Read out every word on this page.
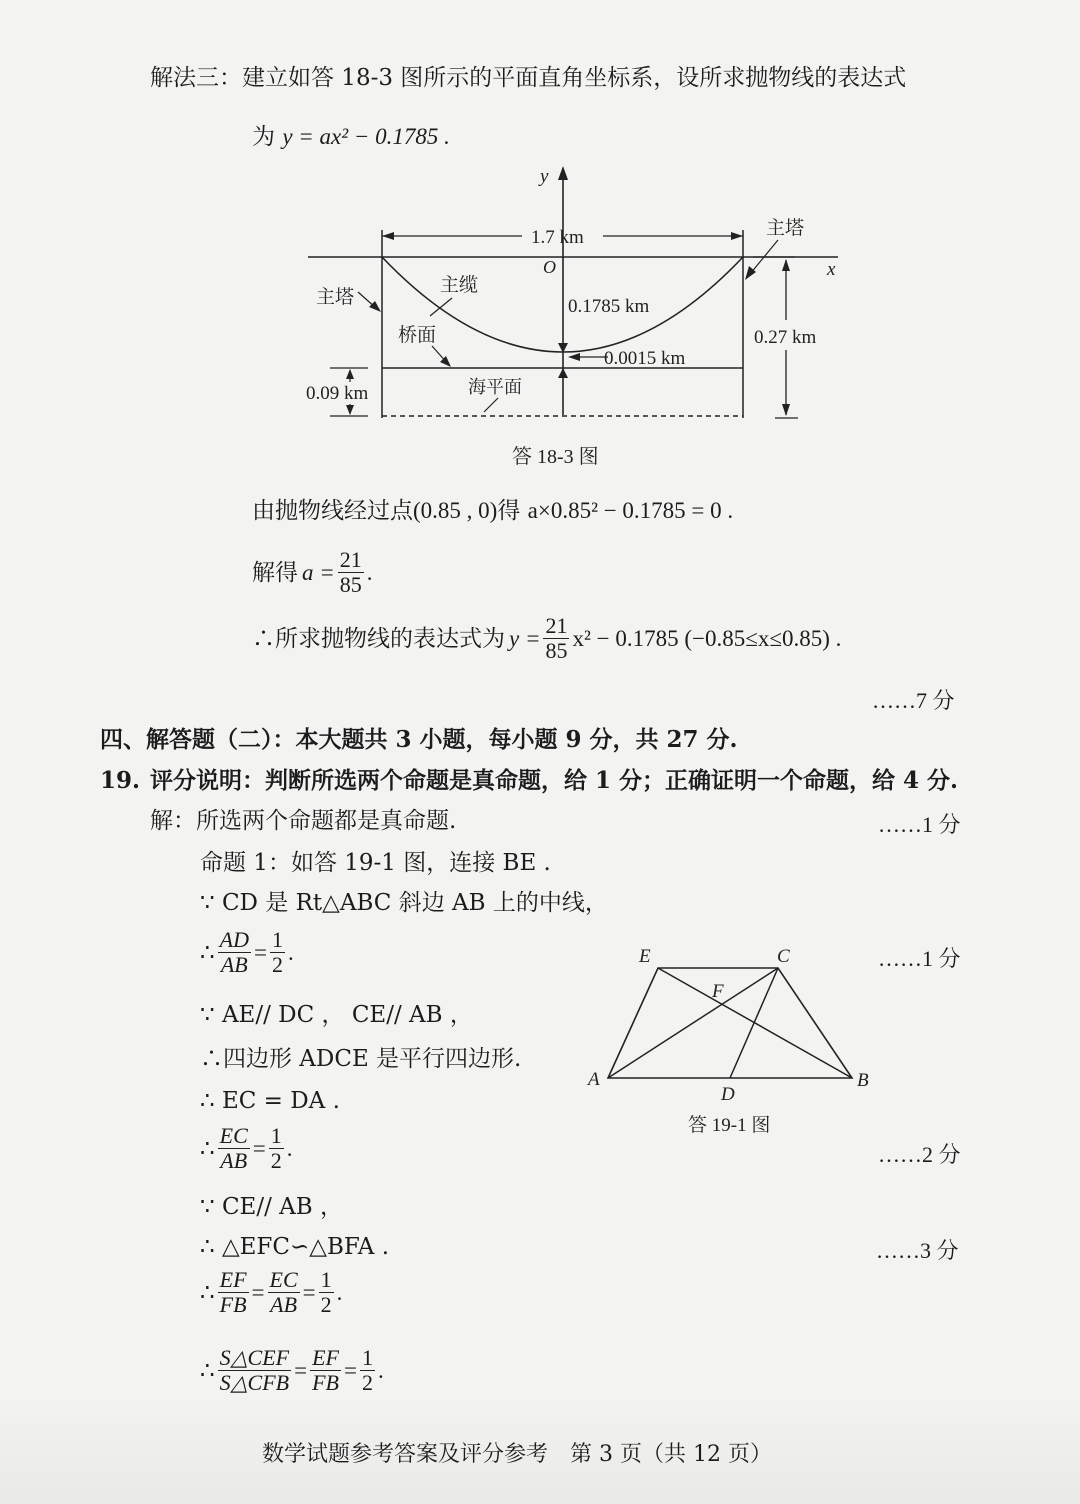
解法三：建立如答 18-3 图所示的平面直角坐标系，设所求抛物线的表达式
为 y = ax² − 0.1785 .
x
y
O
1.7 km
0.1785 km
0.0015 km
0.27 km
0.09 km
主塔
主塔
主缆
桥面
海平面
答 18-3 图
由抛物线经过点(0.85 , 0)得 a×0.85² − 0.1785 = 0 .
解得 $a = \frac{21}{85}$ .
∴所求抛物线的表达式为 $y = \frac{21}{85} x^2 - 0.1785$ (−0.85≤x≤0.85) .
……7 分
四、解答题（二）：本大题共 3 小题，每小题 9 分，共 27 分.
19. 评分说明：判断所选两个命题是真命题，给 1 分；正确证明一个命题，给 4 分.
解：所选两个命题都是真命题.	……1 分
命题 1：如答 19-1 图，连接 BE .
∵ CD 是 Rt△ABC 斜边 AB 上的中线，
∴ $\frac{AD}{AB} = \frac{1}{2}$ .	……1 分
∵ AE// DC ， CE// AB ，
∴四边形 ADCE 是平行四边形.
∴ EC = DA .
∴ $\frac{EC}{AB} = \frac{1}{2}$ .	……2 分
∵ CE// AB ，
∴ △EFC∽△BFA .	……3 分
∴ $\frac{EF}{FB} = \frac{EC}{AB} = \frac{1}{2}$ .
∴ $\frac{\text{S△CEF}}{\text{S△CFB}} = \frac{EF}{FB} = \frac{1}{2}$ .
A	B
C
D
E
F
答 19-1 图
数学试题参考答案及评分参考　第 3 页（共 12 页）
